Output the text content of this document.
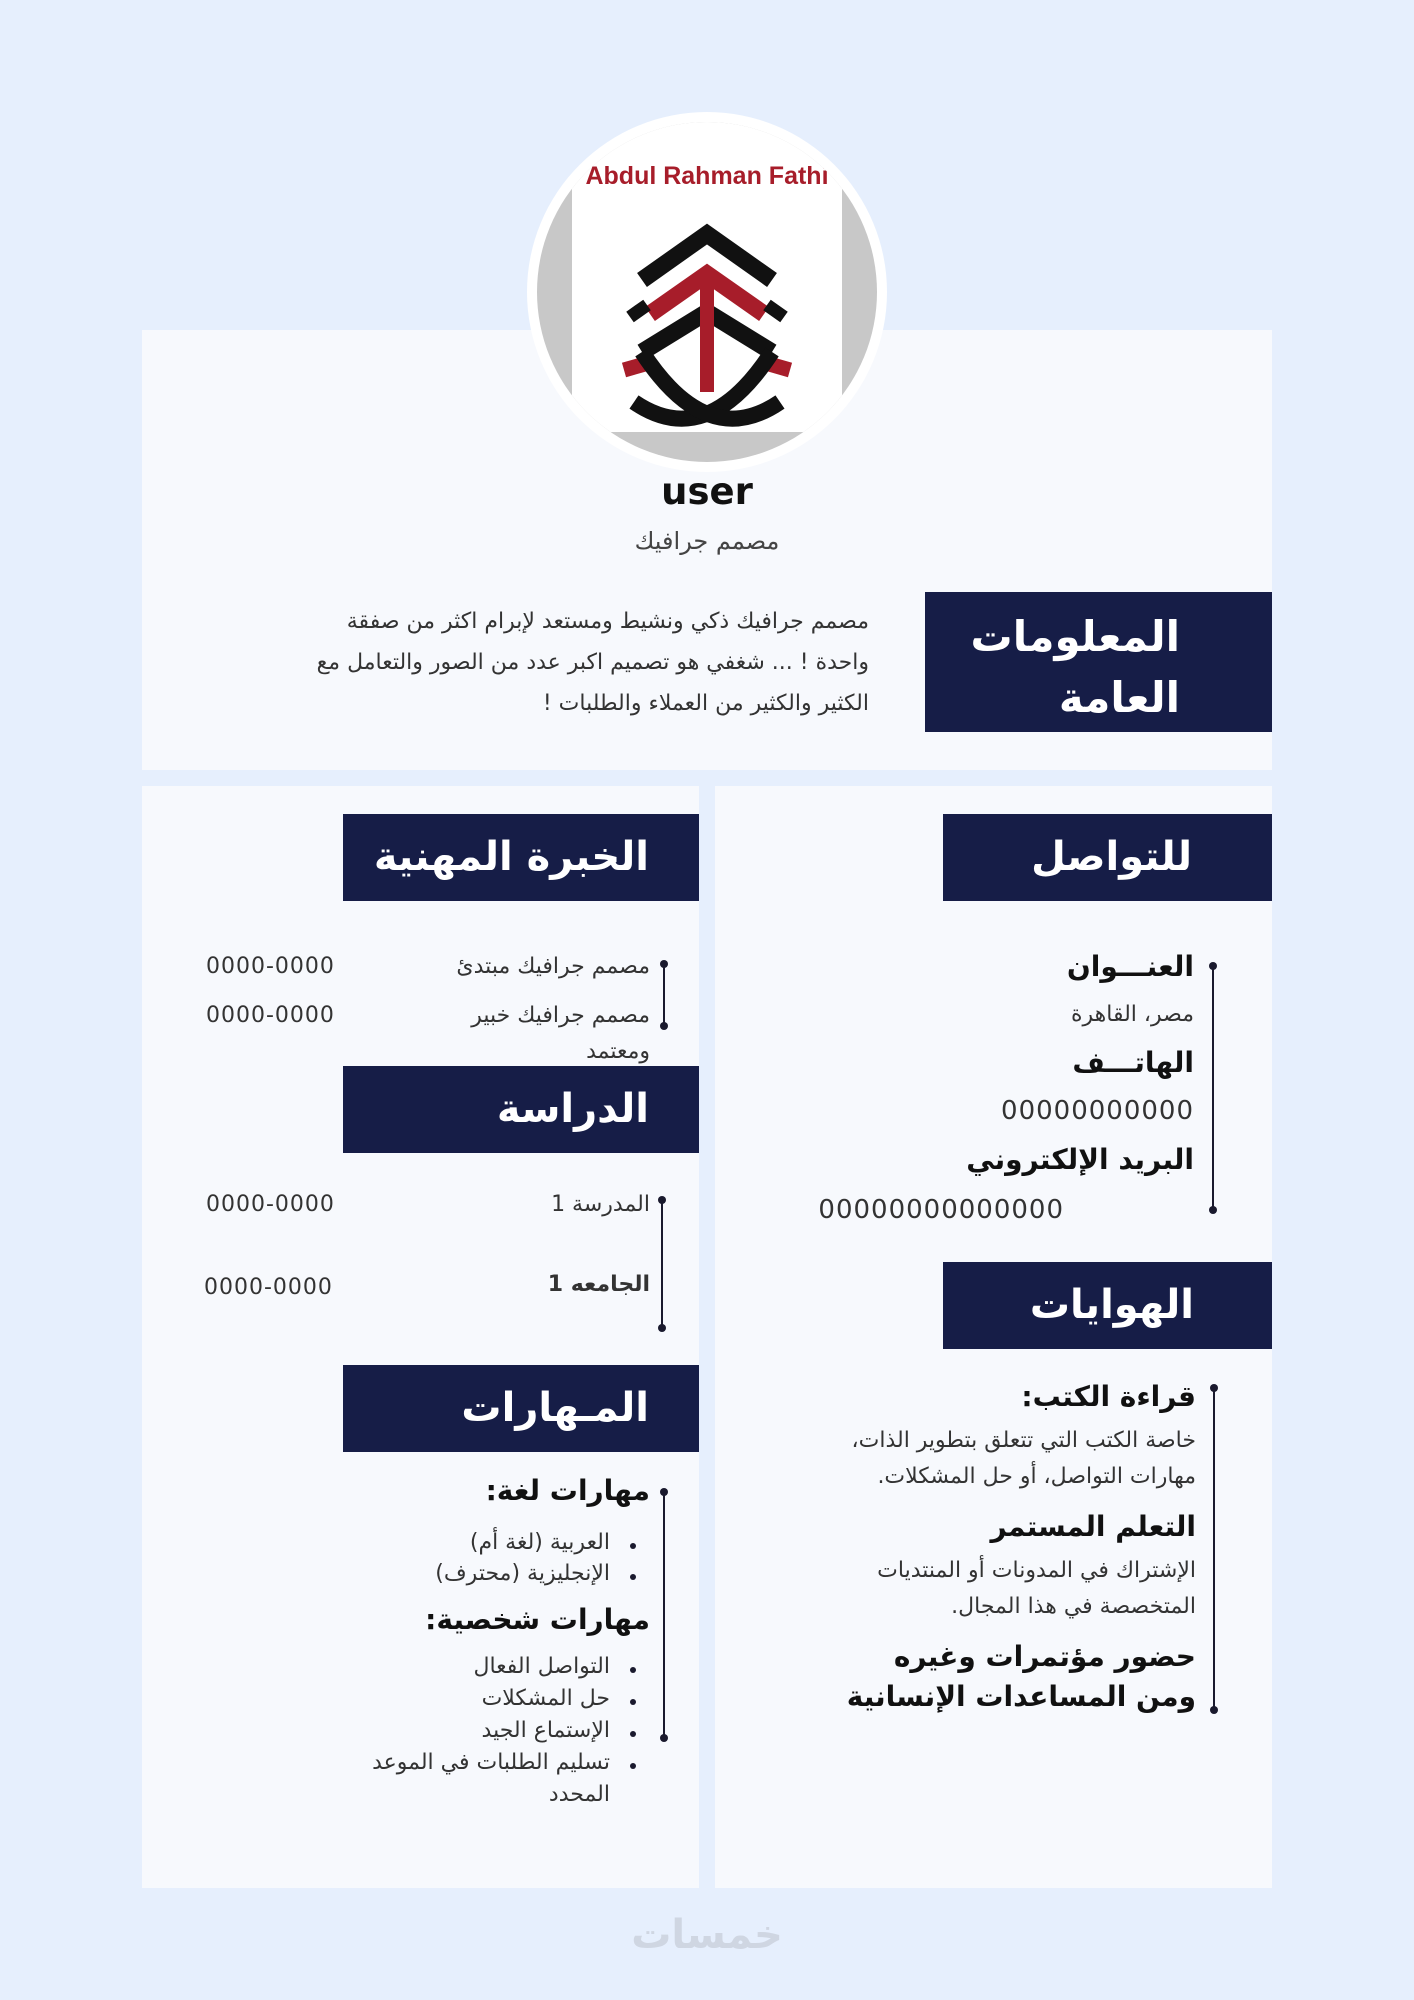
Abdul Rahman Fathi
user
مصمم جرافيك
المعلومات
العامة
مصمم جرافيك ذكي ونشيط ومستعد لإبرام اكثر من صفقة
واحدة ! ... شغفي هو تصميم اكبر عدد من الصور والتعامل مع
الكثير والكثير من العملاء والطلبات !
للتواصل
العنـــوان
مصر، القاهرة
الهاتـــف
00000000000
البريد الإلكتروني
00000000000000
الهوايات
قراءة الكتب:
خاصة الكتب التي تتعلق بتطوير الذات،
مهارات التواصل، أو حل المشكلات.
التعلم المستمر
الإشتراك في المدونات أو المنتديات
المتخصصة في هذا المجال.
حضور مؤتمرات وغيره
ومن المساعدات الإنسانية
الخبرة المهنية
مصمم جرافيك مبتدئ
0000-0000
مصمم جرافيك خبير
ومعتمد
0000-0000
الدراسة
المدرسة 1
0000-0000
الجامعه 1
0000-0000
المـهارات
مهارات لغة:
العربية (لغة أم)
الإنجليزية (محترف)
مهارات شخصية:
التواصل الفعال
حل المشكلات
الإستماع الجيد
تسليم الطلبات في الموعد
المحدد
خمسات
